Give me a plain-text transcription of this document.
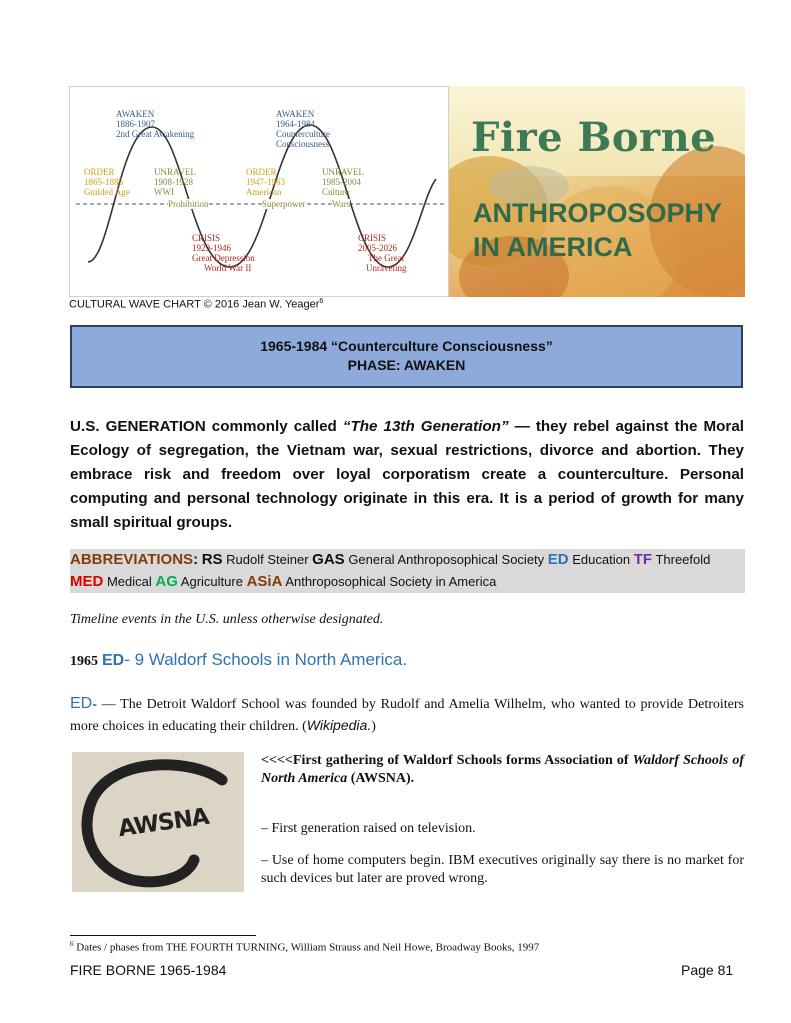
AWAKEN
1886-1907
2nd Great Awakening
AWAKEN
1964-1984
Counterculture
Consciousness
ORDER
1865-1885
Guilded Age
UNRAVEL
1908-1928
WWI
ORDER
1947-1963
American
UNRAVEL
1985-2004
Culture
Prohibition	Superpower	Wars
CRISIS
1929-1946
Great Depression
World War II
CRISIS
2005-2026
The Great
Unraveling
Fire Borne
ANTHROPOSOPHY
IN AMERICA
CULTURAL WAVE CHART © 2016 Jean W. Yeager$^6$
1965-1984 “Counterculture Consciousness”
PHASE: AWAKEN
U.S. GENERATION commonly called “The 13th Generation” — they rebel against the Moral Ecology of segregation, the Vietnam war, sexual restrictions, divorce and abortion. They embrace risk and freedom over loyal corporatism create a counterculture. Personal computing and personal technology originate in this era. It is a period of growth for many small spiritual groups.
ABBREVIATIONS: RS Rudolf Steiner GAS General Anthroposophical Society ED Education TF Threefold
MED Medical AG Agriculture ASiA Anthroposophical Society in America
Timeline events in the U.S. unless otherwise designated.
1965 ED- 9 Waldorf Schools in North America.
ED- — The Detroit Waldorf School was founded by Rudolf and Amelia Wilhelm, who wanted to provide Detroiters more choices in educating their children. (Wikipedia.)
AWSNA

<<<<First gathering of Waldorf Schools forms Association of Waldorf Schools of North America (AWSNA).

– First generation raised on television.

– Use of home computers begin. IBM executives originally say there is no market for such devices but later are proved wrong.

$^6$ Dates / phases from THE FOURTH TURNING, William Strauss and Neil Howe, Broadway Books, 1997
FIRE BORNE 1965-1984	Page 81
